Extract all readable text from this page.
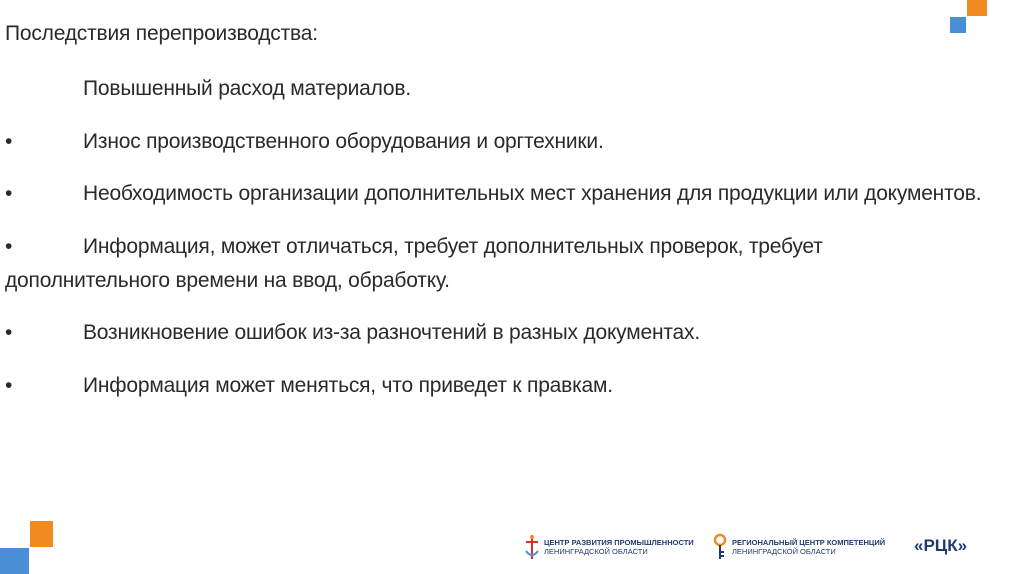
Последствия перепроизводства:
Повышенный расход материалов.
•	Износ производственного оборудования и оргтехники.
•	Необходимость организации дополнительных мест хранения для продукции или документов.
•	Информация, может отличаться, требует дополнительных проверок, требует
дополнительного времени на ввод, обработку.
•	Возникновение ошибок из-за разночтений в разных документах.
•	Информация может меняться, что приведет к правкам.
ЦЕНТР РАЗВИТИЯ ПРОМЫШЛЕННОСТИ
ЛЕНИНГРАДСКОЙ ОБЛАСТИ
РЕГИОНАЛЬНЫЙ ЦЕНТР КОМПЕТЕНЦИЙ
ЛЕНИНГРАДСКОЙ ОБЛАСТИ	«РЦК»
